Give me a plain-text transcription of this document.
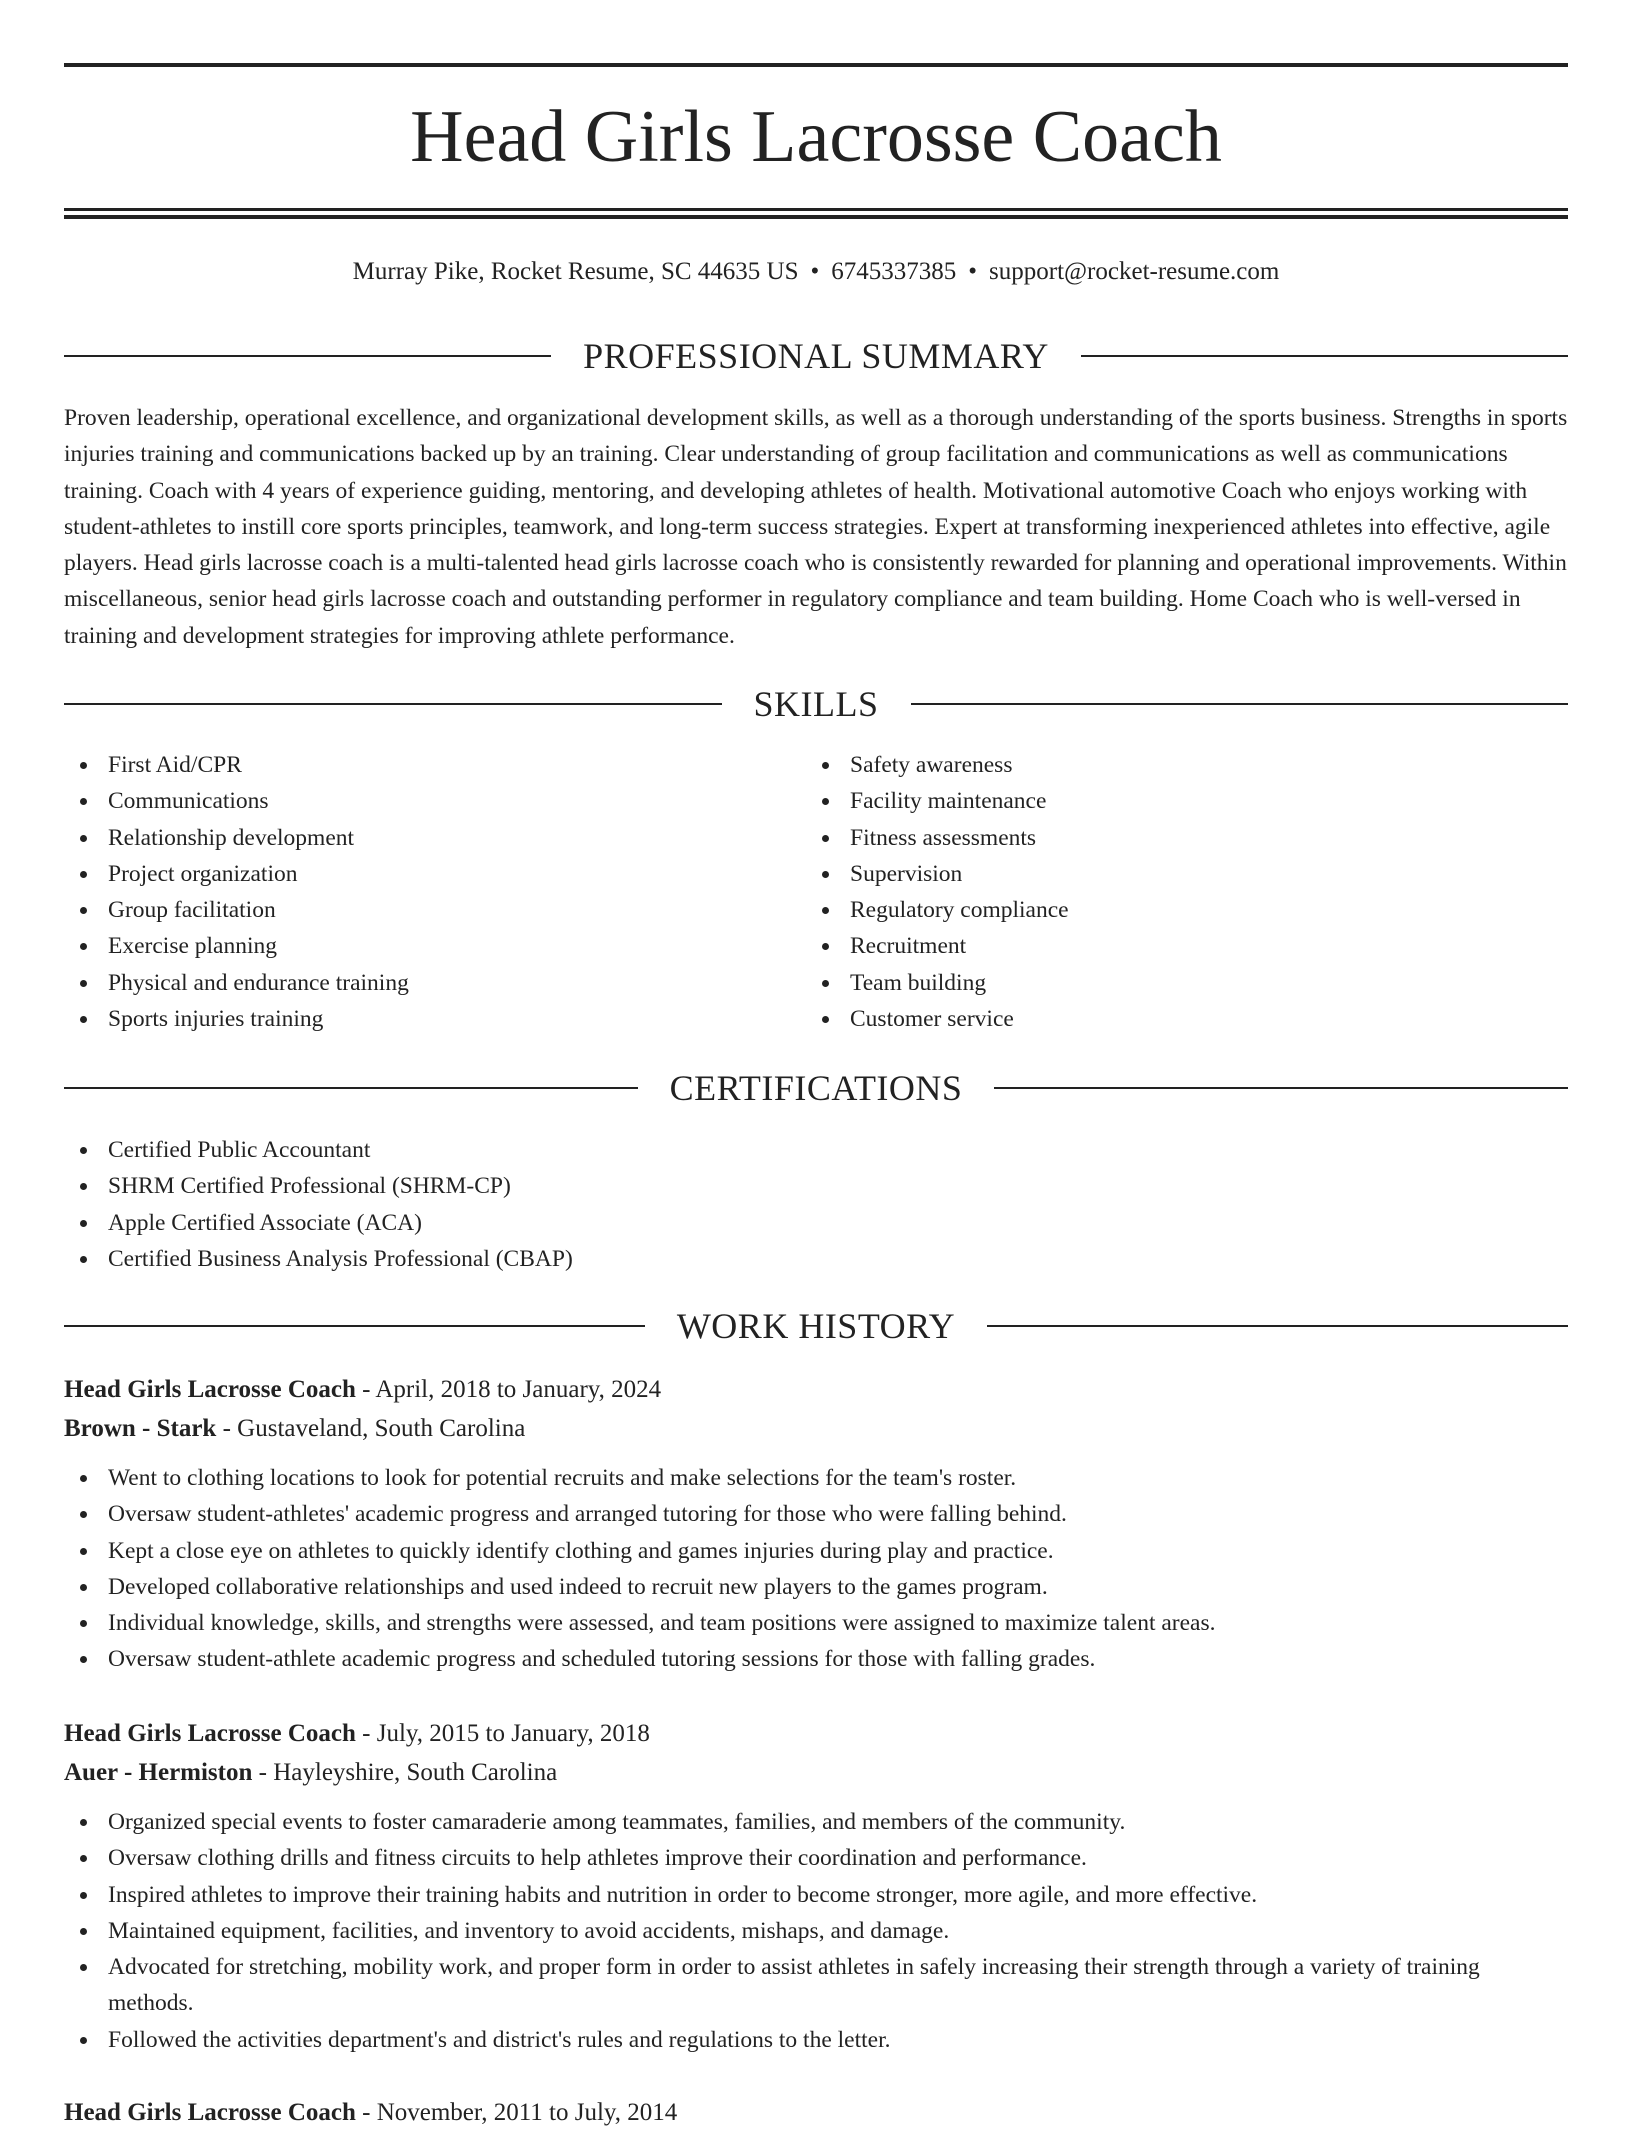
Head Girls Lacrosse Coach
Murray Pike, Rocket Resume, SC 44635 US • 6745337385 • support@rocket-resume.com
PROFESSIONAL SUMMARY

Proven leadership, operational excellence, and organizational development skills, as well as a thorough understanding of the sports business. Strengths in sports injuries training and communications backed up by an training. Clear understanding of group facilitation and communications as well as communications training. Coach with 4 years of experience guiding, mentoring, and developing athletes of health. Motivational automotive Coach who enjoys working with student-athletes to instill core sports principles, teamwork, and long-term success strategies. Expert at transforming inexperienced athletes into effective, agile players. Head girls lacrosse coach is a multi-talented head girls lacrosse coach who is consistently rewarded for planning and operational improvements. Within miscellaneous, senior head girls lacrosse coach and outstanding performer in regulatory compliance and team building. Home Coach who is well-versed in training and development strategies for improving athlete performance.

SKILLS
First Aid/CPR
Communications
Relationship development
Project organization
Group facilitation
Exercise planning
Physical and endurance training
Sports injuries training
Safety awareness
Facility maintenance
Fitness assessments
Supervision
Regulatory compliance
Recruitment
Team building
Customer service
CERTIFICATIONS
Certified Public Accountant
SHRM Certified Professional (SHRM-CP)
Apple Certified Associate (ACA)
Certified Business Analysis Professional (CBAP)
WORK HISTORY
Head Girls Lacrosse Coach - April, 2018 to January, 2024
Brown - Stark - Gustaveland, South Carolina
Went to clothing locations to look for potential recruits and make selections for the team's roster.
Oversaw student-athletes' academic progress and arranged tutoring for those who were falling behind.
Kept a close eye on athletes to quickly identify clothing and games injuries during play and practice.
Developed collaborative relationships and used indeed to recruit new players to the games program.
Individual knowledge, skills, and strengths were assessed, and team positions were assigned to maximize talent areas.
Oversaw student-athlete academic progress and scheduled tutoring sessions for those with falling grades.
Head Girls Lacrosse Coach - July, 2015 to January, 2018
Auer - Hermiston - Hayleyshire, South Carolina
Organized special events to foster camaraderie among teammates, families, and members of the community.
Oversaw clothing drills and fitness circuits to help athletes improve their coordination and performance.
Inspired athletes to improve their training habits and nutrition in order to become stronger, more agile, and more effective.
Maintained equipment, facilities, and inventory to avoid accidents, mishaps, and damage.
Advocated for stretching, mobility work, and proper form in order to assist athletes in safely increasing their strength through a variety of training methods.
Followed the activities department's and district's rules and regulations to the letter.
Head Girls Lacrosse Coach - November, 2011 to July, 2014
